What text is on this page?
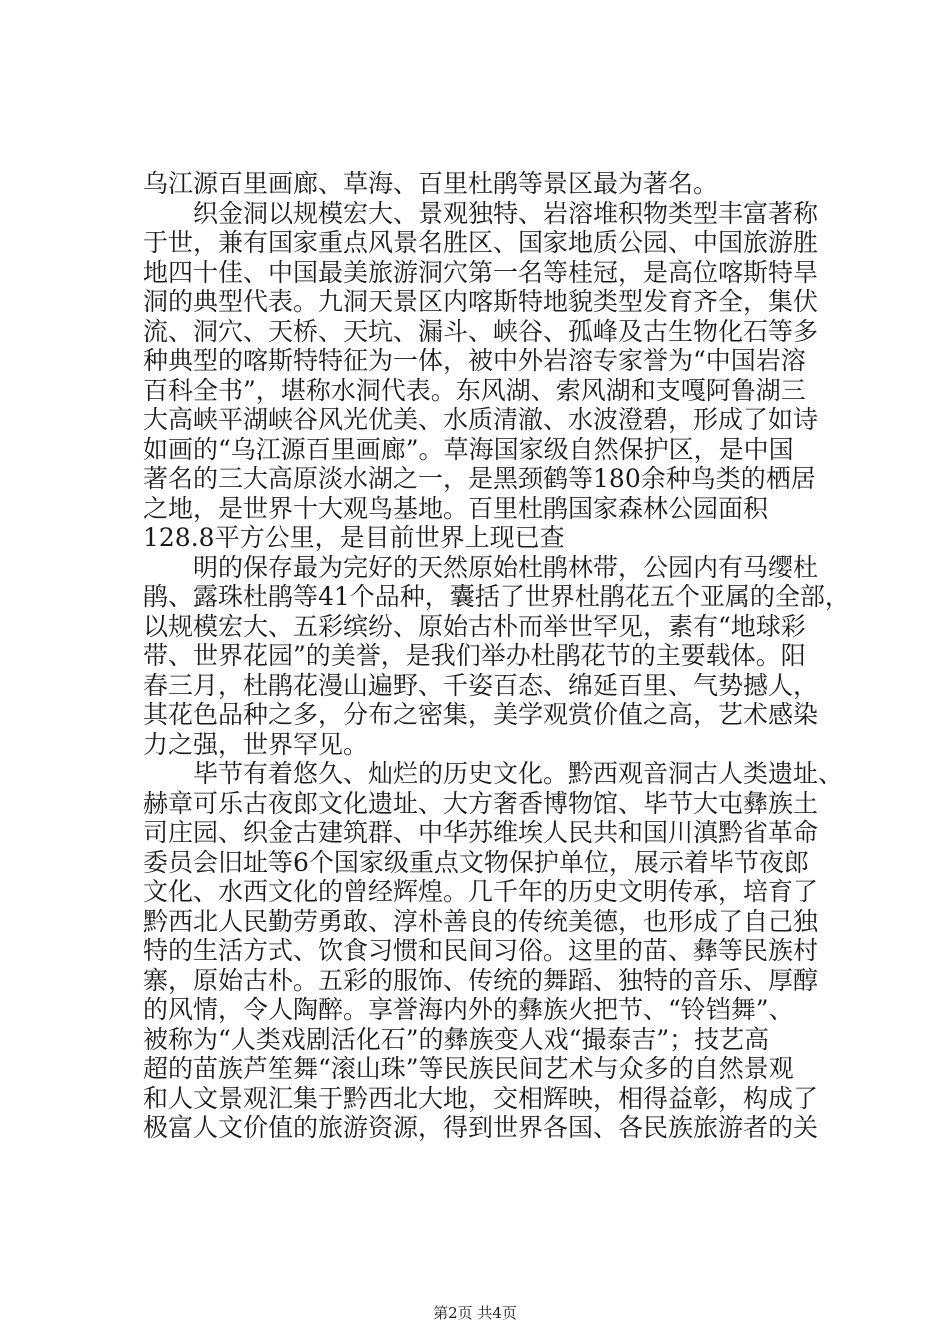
乌江源百里画廊、草海、百里杜鹃等景区最为著名。
织金洞以规模宏大、景观独特、岩溶堆积物类型丰富著称
于世，兼有国家重点风景名胜区、国家地质公园、中国旅游胜
地四十佳、中国最美旅游洞穴第一名等桂冠，是高位喀斯特旱
洞的典型代表。九洞天景区内喀斯特地貌类型发育齐全，集伏
流、洞穴、天桥、天坑、漏斗、峡谷、孤峰及古生物化石等多
种典型的喀斯特特征为一体，被中外岩溶专家誉为“中国岩溶
百科全书”，堪称水洞代表。东风湖、索风湖和支嘎阿鲁湖三
大高峡平湖峡谷风光优美、水质清澈、水波澄碧，形成了如诗
如画的“乌江源百里画廊”。草海国家级自然保护区，是中国
著名的三大高原淡水湖之一，是黑颈鹤等180余种鸟类的栖居
之地，是世界十大观鸟基地。百里杜鹃国家森林公园面积
128.8平方公里，是目前世界上现已查
明的保存最为完好的天然原始杜鹃林带，公园内有马缨杜
鹃、露珠杜鹃等41个品种，囊括了世界杜鹃花五个亚属的全部，
以规模宏大、五彩缤纷、原始古朴而举世罕见，素有“地球彩
带、世界花园”的美誉，是我们举办杜鹃花节的主要载体。阳
春三月，杜鹃花漫山遍野、千姿百态、绵延百里、气势撼人，
其花色品种之多，分布之密集，美学观赏价值之高，艺术感染
力之强，世界罕见。
毕节有着悠久、灿烂的历史文化。黔西观音洞古人类遗址、
赫章可乐古夜郎文化遗址、大方奢香博物馆、毕节大屯彝族土
司庄园、织金古建筑群、中华苏维埃人民共和国川滇黔省革命
委员会旧址等6个国家级重点文物保护单位，展示着毕节夜郎
文化、水西文化的曾经辉煌。几千年的历史文明传承，培育了
黔西北人民勤劳勇敢、淳朴善良的传统美德，也形成了自己独
特的生活方式、饮食习惯和民间习俗。这里的苗、彝等民族村
寨，原始古朴。五彩的服饰、传统的舞蹈、独特的音乐、厚醇
的风情，令人陶醉。享誉海内外的彝族火把节、“铃铛舞”、
被称为“人类戏剧活化石”的彝族变人戏“撮泰吉”；技艺高
超的苗族芦笙舞“滚山珠”等民族民间艺术与众多的自然景观
和人文景观汇集于黔西北大地，交相辉映，相得益彰，构成了
极富人文价值的旅游资源，得到世界各国、各民族旅游者的关
第2页 共4页
